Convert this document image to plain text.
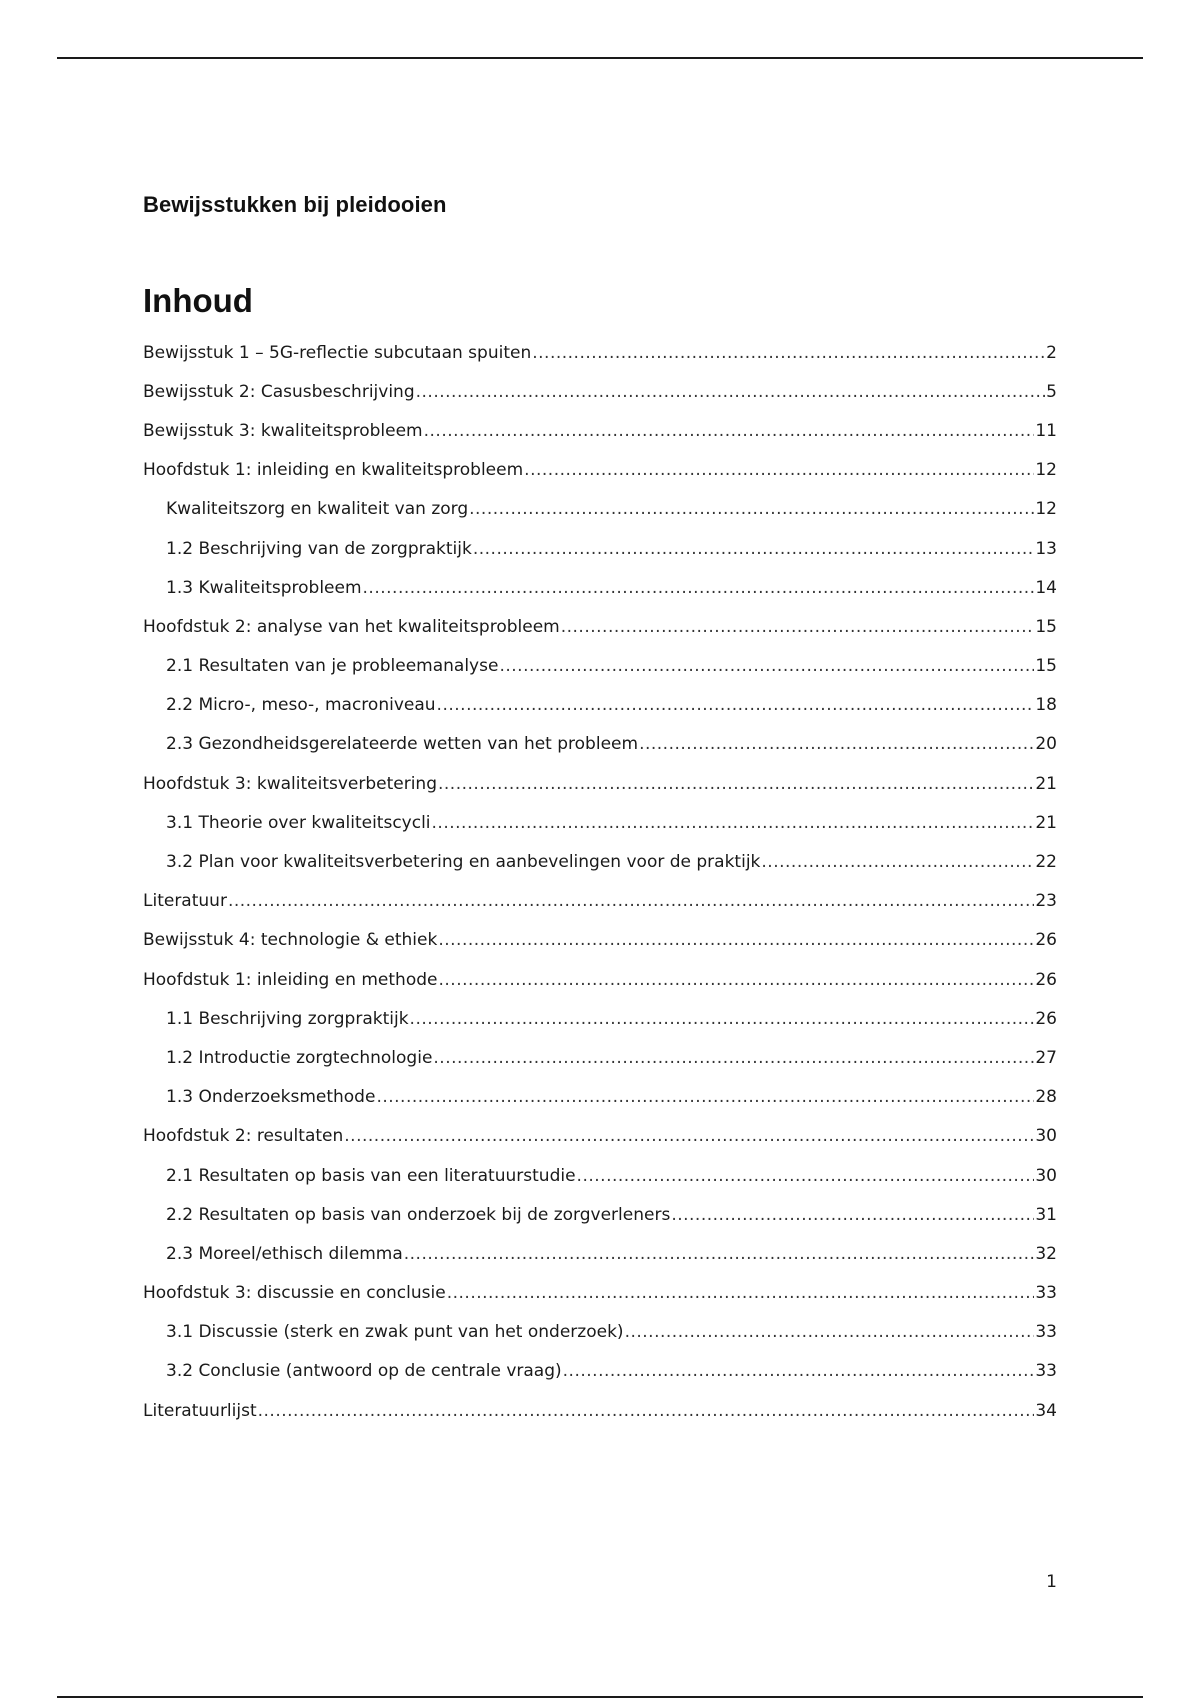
Bewijsstukken bij pleidooien
Inhoud
Bewijsstuk 1 – 5G-reflectie subcutaan spuiten .....	2
Bewijsstuk 2: Casusbeschrijving .....	5
Bewijsstuk 3: kwaliteitsprobleem .....	11
Hoofdstuk 1: inleiding en kwaliteitsprobleem .....	12
Kwaliteitszorg en kwaliteit van zorg .....	12
1.2 Beschrijving van de zorgpraktijk .....	13
1.3 Kwaliteitsprobleem .....	14
Hoofdstuk 2: analyse van het kwaliteitsprobleem .....	15
2.1 Resultaten van je probleemanalyse .....	15
2.2 Micro-, meso-, macroniveau .....	18
2.3 Gezondheidsgerelateerde wetten van het probleem .....	20
Hoofdstuk 3: kwaliteitsverbetering .....	21
3.1 Theorie over kwaliteitscycli .....	21
3.2 Plan voor kwaliteitsverbetering en aanbevelingen voor de praktijk .....	22
Literatuur .....	23
Bewijsstuk 4: technologie & ethiek .....	26
Hoofdstuk 1: inleiding en methode .....	26
1.1 Beschrijving zorgpraktijk .....	26
1.2 Introductie zorgtechnologie .....	27
1.3 Onderzoeksmethode .....	28
Hoofdstuk 2: resultaten .....	30
2.1 Resultaten op basis van een literatuurstudie .....	30
2.2 Resultaten op basis van onderzoek bij de zorgverleners .....	31
2.3 Moreel/ethisch dilemma .....	32
Hoofdstuk 3: discussie en conclusie .....	33
3.1 Discussie (sterk en zwak punt van het onderzoek) .....	33
3.2 Conclusie (antwoord op de centrale vraag) .....	33
Literatuurlijst .....	34
1
